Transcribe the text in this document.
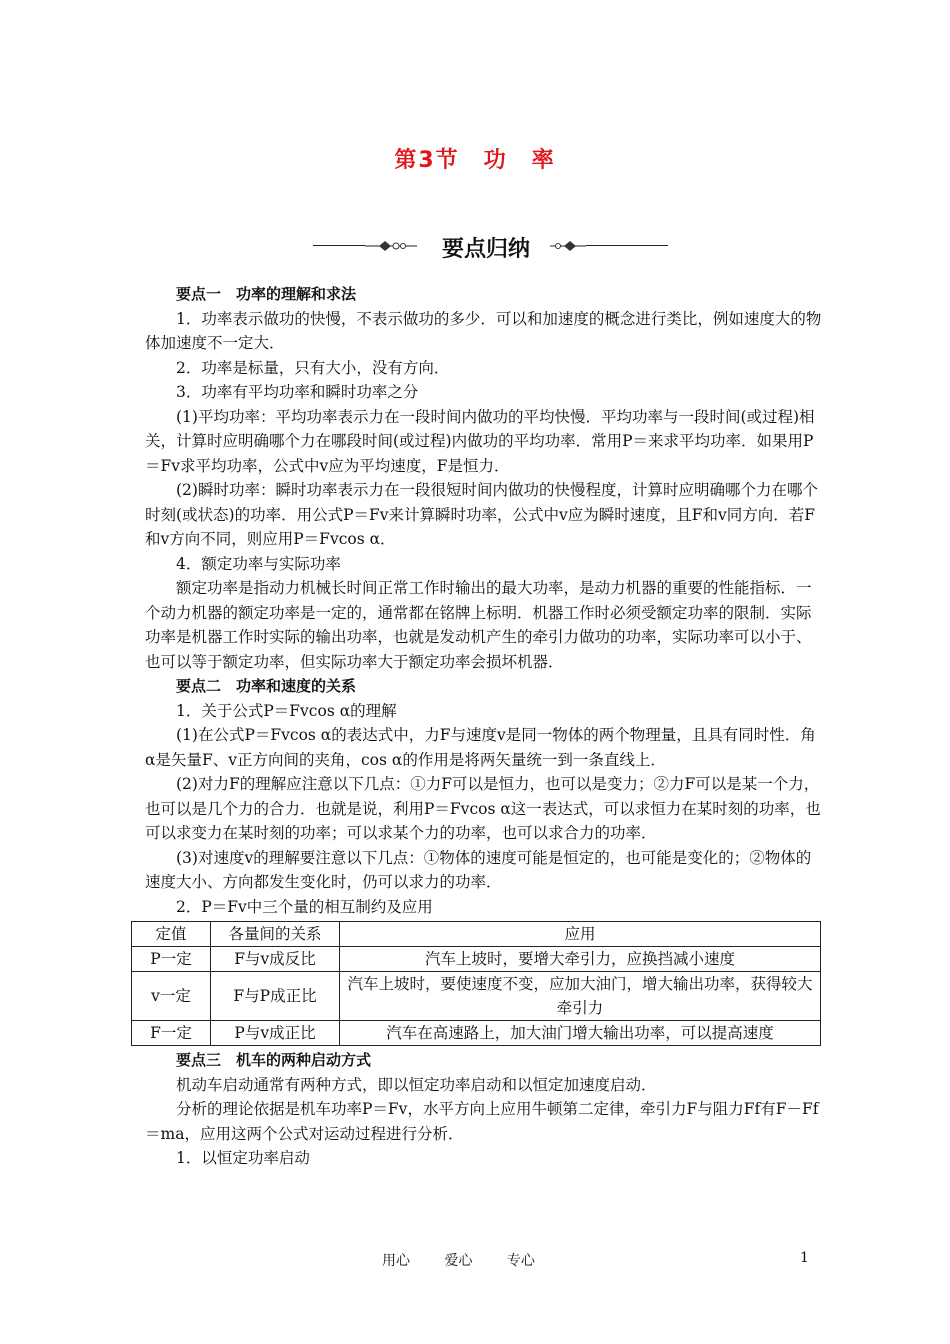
第3节　功　率
要点归纳

要点一　功率的理解和求法

1．功率表示做功的快慢，不表示做功的多少．可以和加速度的概念进行类比，例如速度大的物体加速度不一定大．

2．功率是标量，只有大小，没有方向．

3．功率有平均功率和瞬时功率之分

(1)平均功率：平均功率表示力在一段时间内做功的平均快慢．平均功率与一段时间(或过程)相关，计算时应明确哪个力在哪段时间(或过程)内做功的平均功率．常用P＝来求平均功率．如果用P＝Fv求平均功率，公式中v应为平均速度，F是恒力．

(2)瞬时功率：瞬时功率表示力在一段很短时间内做功的快慢程度，计算时应明确哪个力在哪个时刻(或状态)的功率．用公式P＝Fv来计算瞬时功率，公式中v应为瞬时速度，且F和v同方向．若F和v方向不同，则应用P＝Fvcos α．

4．额定功率与实际功率

额定功率是指动力机械长时间正常工作时输出的最大功率，是动力机器的重要的性能指标．一个动力机器的额定功率是一定的，通常都在铭牌上标明．机器工作时必须受额定功率的限制．实际功率是机器工作时实际的输出功率，也就是发动机产生的牵引力做功的功率，实际功率可以小于、也可以等于额定功率，但实际功率大于额定功率会损坏机器．

要点二　功率和速度的关系

1．关于公式P＝Fvcos α的理解

(1)在公式P＝Fvcos α的表达式中，力F与速度v是同一物体的两个物理量，且具有同时性．角α是矢量F、v正方向间的夹角，cos α的作用是将两矢量统一到一条直线上．

(2)对力F的理解应注意以下几点：①力F可以是恒力，也可以是变力；②力F可以是某一个力，也可以是几个力的合力．也就是说，利用P＝Fvcos α这一表达式，可以求恒力在某时刻的功率，也可以求变力在某时刻的功率；可以求某个力的功率，也可以求合力的功率．

(3)对速度v的理解要注意以下几点：①物体的速度可能是恒定的，也可能是变化的；②物体的速度大小、方向都发生变化时，仍可以求力的功率．

2．P＝Fv中三个量的相互制约及应用

定值	各量间的关系	应用
P一定	F与v成反比	汽车上坡时，要增大牵引力，应换挡减小速度
v一定	F与P成正比	汽车上坡时，要使速度不变，应加大油门，增大输出功率，获得较大牵引力
F一定	P与v成正比	汽车在高速路上，加大油门增大输出功率，可以提高速度

要点三　机车的两种启动方式

机动车启动通常有两种方式，即以恒定功率启动和以恒定加速度启动．

分析的理论依据是机车功率P＝Fv，水平方向上应用牛顿第二定律，牵引力F与阻力Ff有F－Ff＝ma，应用这两个公式对运动过程进行分析．

1．以恒定功率启动

用心 爱心 专心	1
